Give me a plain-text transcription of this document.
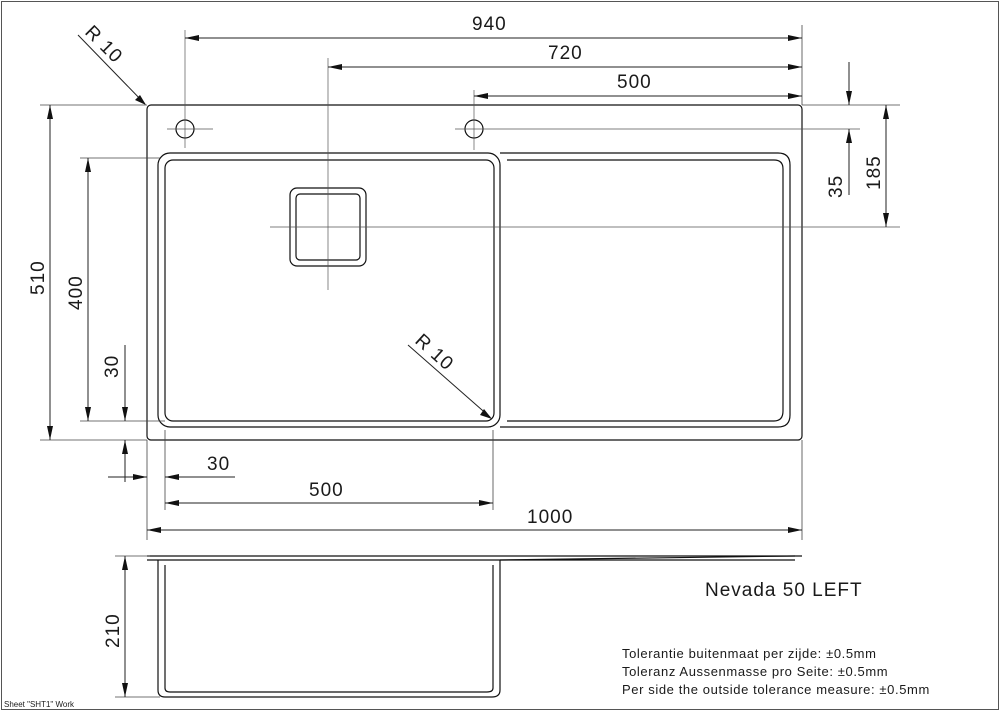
940
720
500
R 10
R 10
510 400
30
30
500
1000
35 185
210
Nevada 50 LEFT
Tolerantie buitenmaat per zijde: ±0.5mm
Toleranz Aussenmasse pro Seite: ±0.5mm
Per side the outside tolerance measure: ±0.5mm
Sheet "SHT1" Work
